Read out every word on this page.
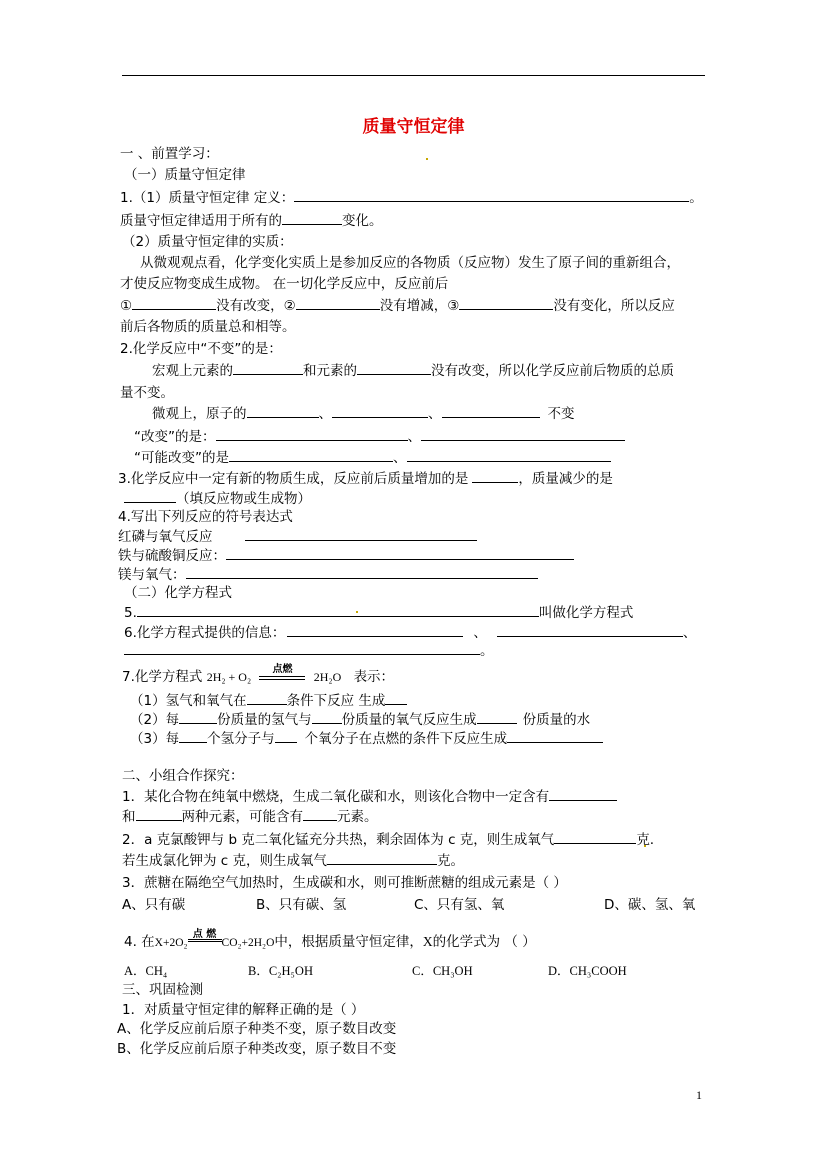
质量守恒定律
一 、前置学习：
（一）质量守恒定律
1.（1）质量守恒定律 定义：	。
质量守恒定律适用于所有的	变化。
（2）质量守恒定律的实质：
从微观观点看，化学变化实质上是参加反应的各物质（反应物）发生了原子间的重新组合，
才使反应物变成生成物。 在一切化学反应中，反应前后
①	没有改变，②	没有增减，③	没有变化，所以反应
前后各物质的质量总和相等。
2.化学反应中“不变”的是：
宏观上元素的	和元素的	没有改变，所以化学反应前后物质的总质
量不变。
微观上，原子的	、	、	不变
“改变”的是：	、
“可能改变”的是	、
3.化学反应中一定有新的物质生成，反应前后质量增加的是	，质量减少的是
（填反应物或生成物）
4.写出下列反应的符号表达式
红磷与氧气反应
铁与硫酸铜反应：
镁与氧气：
（二）化学方程式
5.	叫做化学方程式
6.化学方程式提供的信息：	、	、
。
7.化学方程式 2H₂ + O₂
点燃
2H₂O 表示：
（1）氢气和氧气在	条件下反应 生成
（2）每	份质量的氢气与 份质量的氧气反应生成	份质量的水
（3）每 个氢分子与 个氧分子在点燃的条件下反应生成
二、小组合作探究：
1．某化合物在纯氧中燃烧，生成二氧化碳和水，则该化合物中一定含有
和	两种元素，可能含有	元素。
2．a 克氯酸钾与 b 克二氧化锰充分共热，剩余固体为 c 克，则生成氧气	克.
若生成氯化钾为 c 克，则生成氧气	克。
3．蔗糖在隔绝空气加热时，生成碳和水，则可推断蔗糖的组成元素是（ ）
A、只有碳	B、只有碳、氢	C、只有氢、氧	D、碳、氢、氧
4. 在X+2O₂
点 燃
CO₂+2H₂O中，根据质量守恒定律，X的化学式为 （ ）
A．CH₄	B．C₂H₅OH	C．CH₃OH	D．CH₃COOH
三、巩固检测
1．对质量守恒定律的解释正确的是（ ）
A、化学反应前后原子种类不变，原子数目改变
B、化学反应前后原子种类改变，原子数目不变
1
